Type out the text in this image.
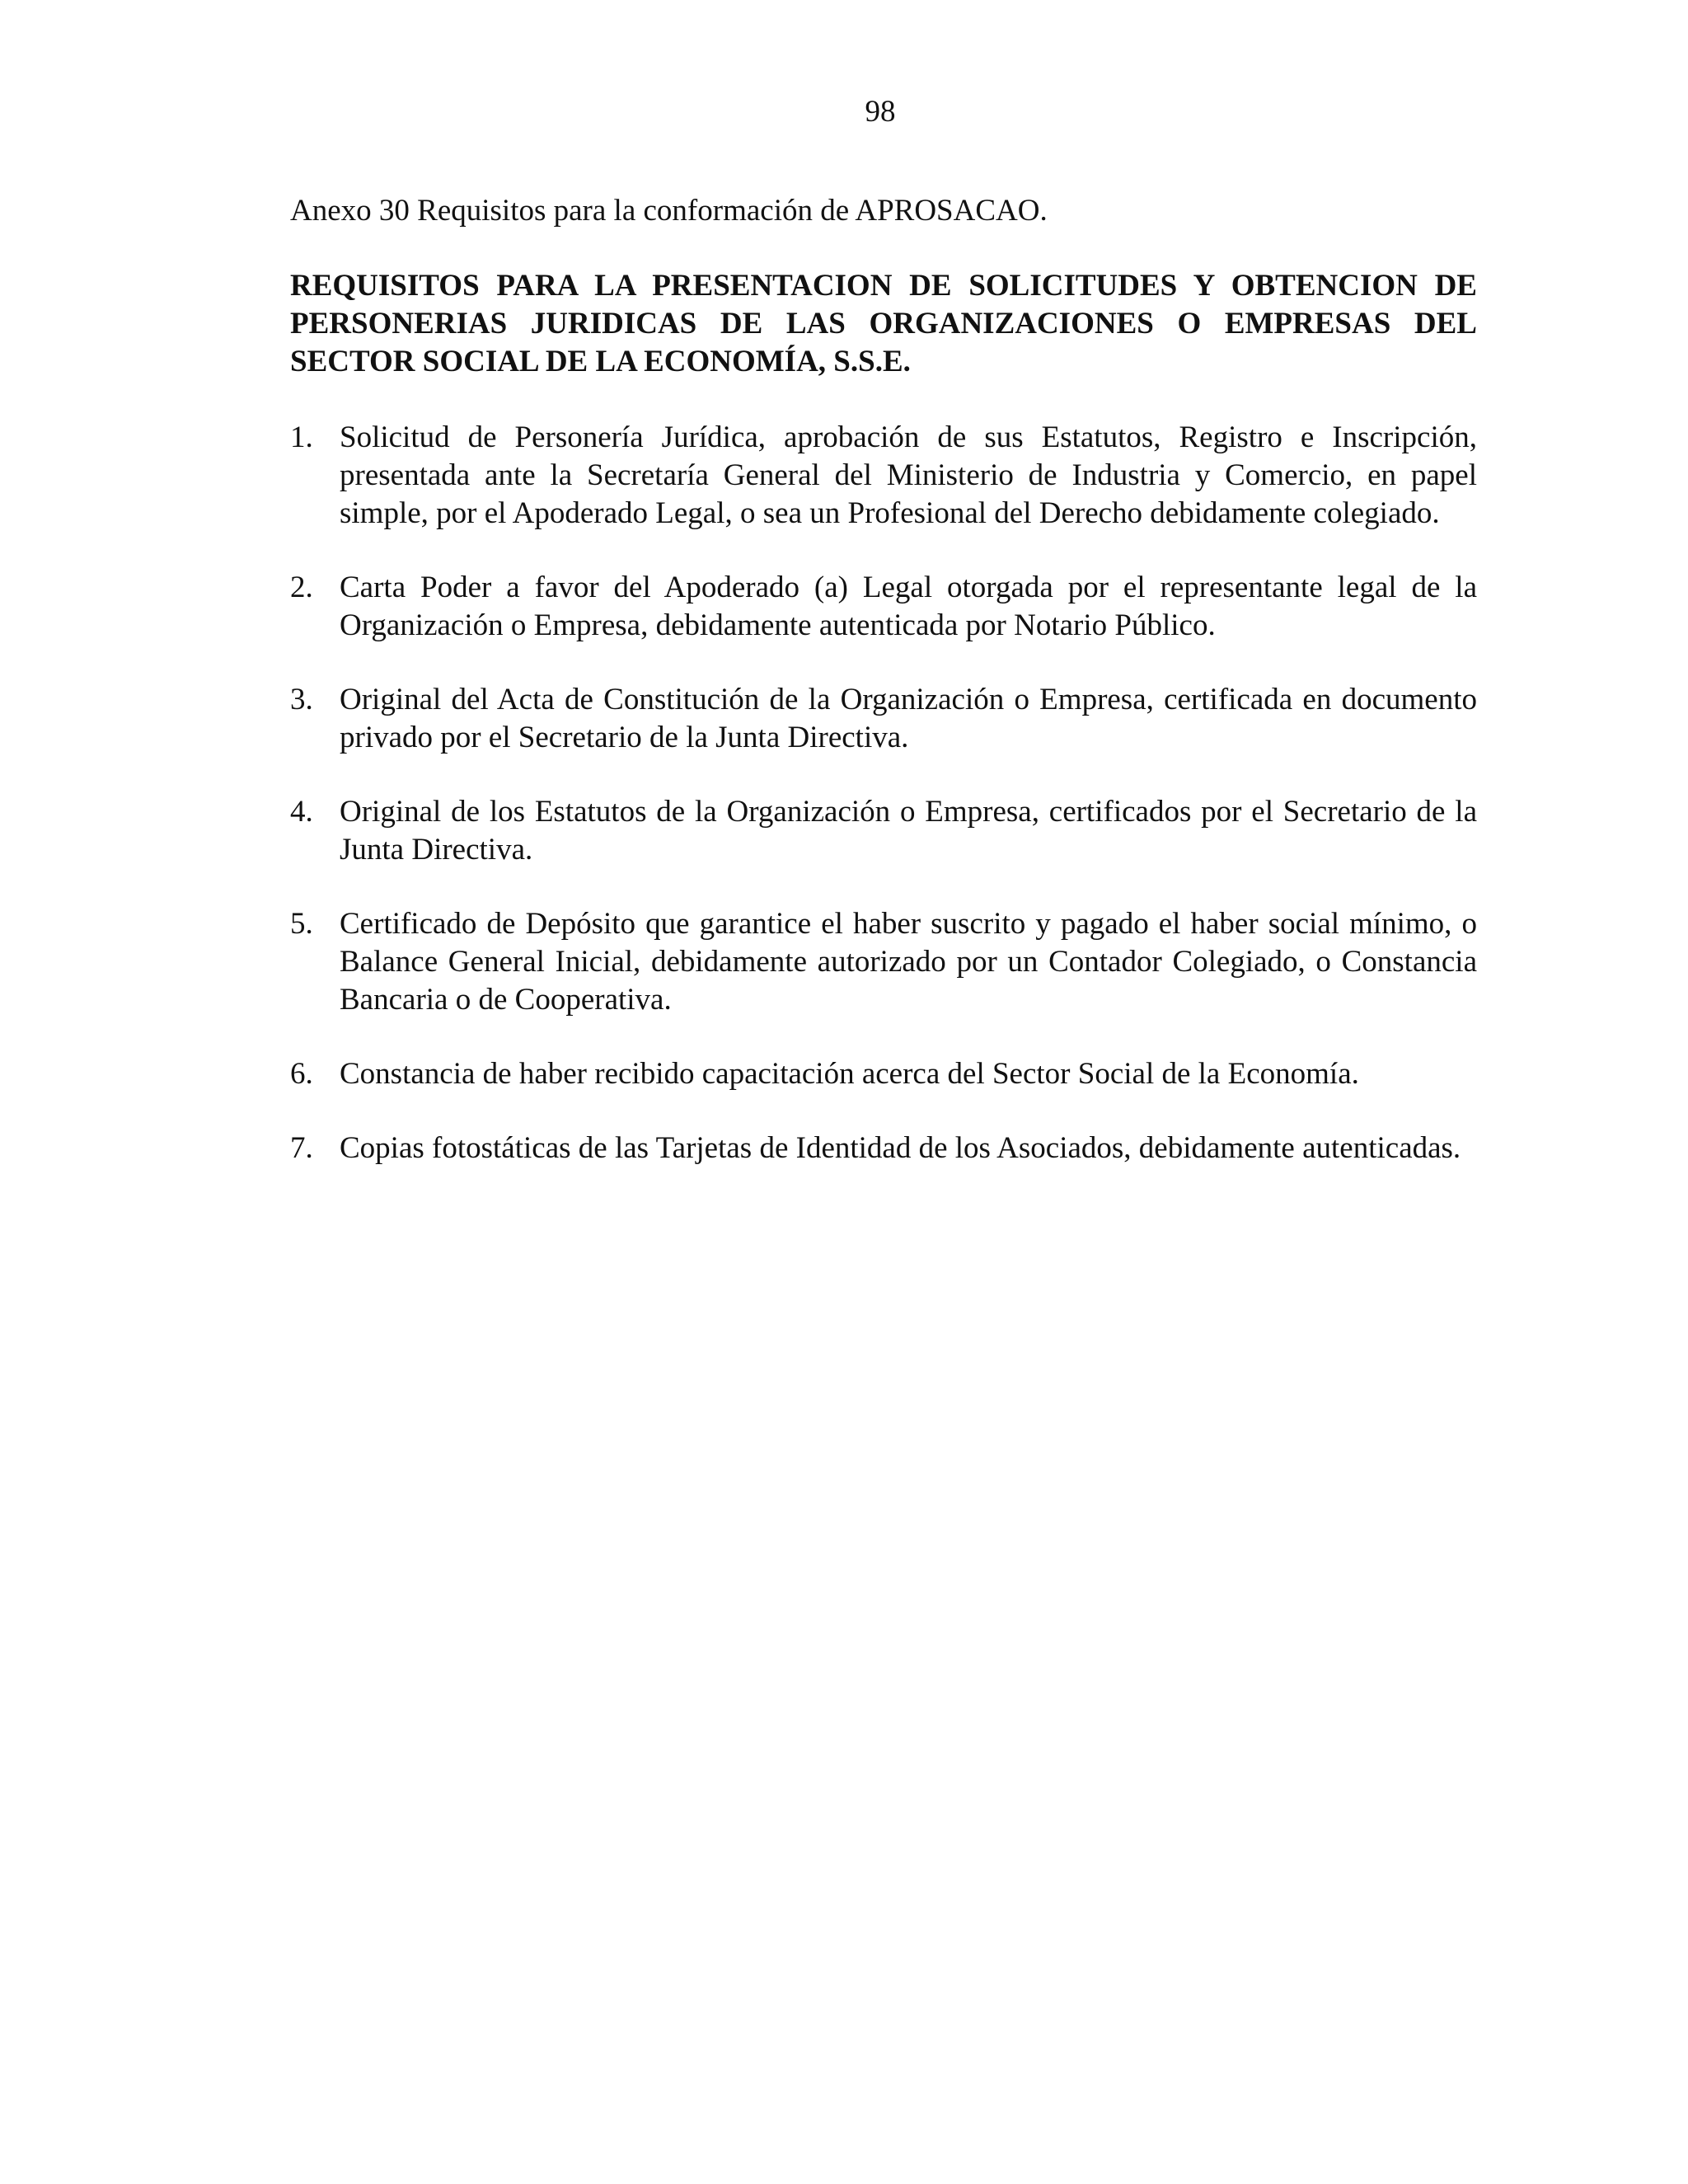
98

Anexo 30 Requisitos para la conformación de APROSACAO.

REQUISITOS PARA LA PRESENTACION DE SOLICITUDES Y OBTENCION DE PERSONERIAS JURIDICAS DE LAS ORGANIZACIONES O EMPRESAS DEL SECTOR SOCIAL DE LA ECONOMÍA, S.S.E.

1. Solicitud de Personería Jurídica, aprobación de sus Estatutos, Registro e Inscripción, presentada ante la Secretaría General del Ministerio de Industria y Comercio, en papel simple, por el Apoderado Legal, o sea un Profesional del Derecho debidamente colegiado.
2. Carta Poder a favor del Apoderado (a) Legal otorgada por el representante legal de la Organización o Empresa, debidamente autenticada por Notario Público.
3. Original del Acta de Constitución de la Organización o Empresa, certificada en documento privado por el Secretario de la Junta Directiva.
4. Original de los Estatutos de la Organización o Empresa, certificados por el Secretario de la Junta Directiva.
5. Certificado de Depósito que garantice el haber suscrito y pagado el haber social mínimo, o Balance General Inicial, debidamente autorizado por un Contador Colegiado, o Constancia Bancaria o de Cooperativa.
6. Constancia de haber recibido capacitación acerca del Sector Social de la Economía.
7. Copias fotostáticas de las Tarjetas de Identidad de los Asociados, debidamente autenticadas.
